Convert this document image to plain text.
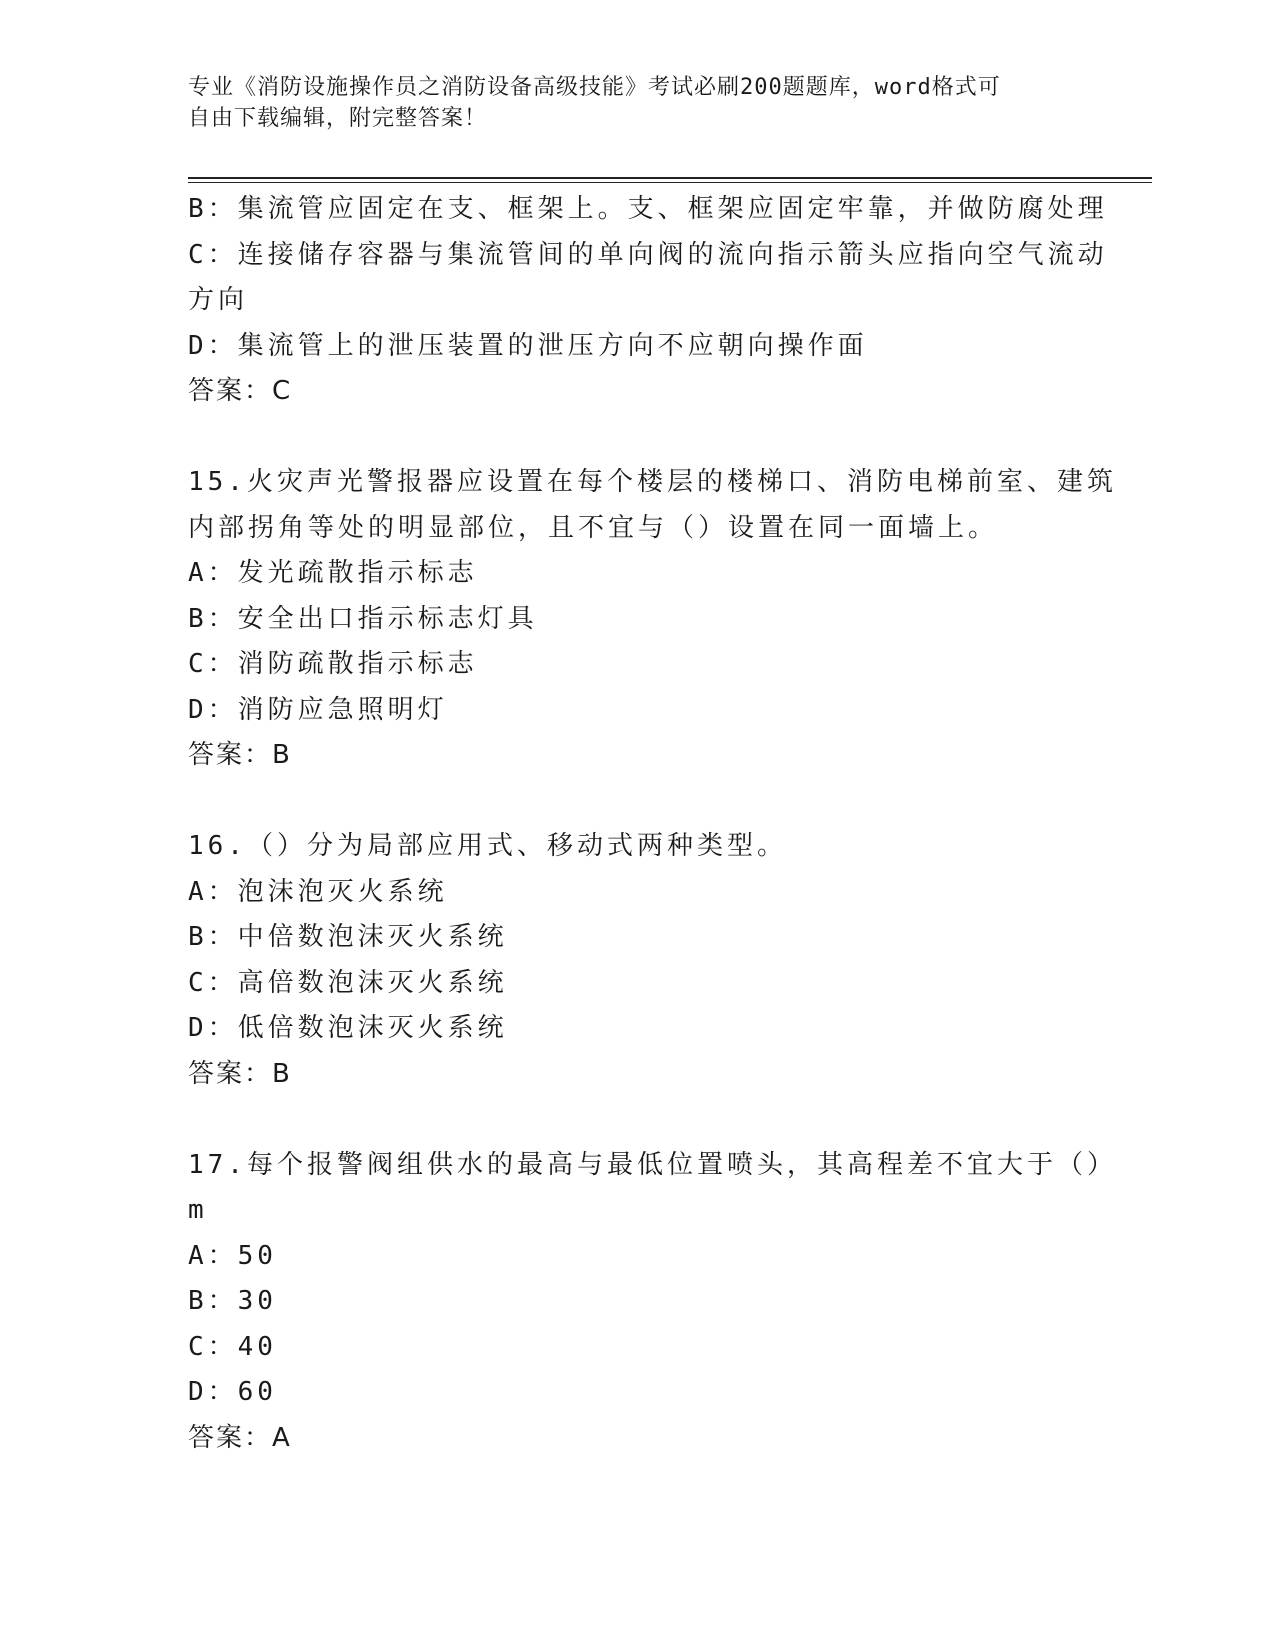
专业《消防设施操作员之消防设备高级技能》考试必刷200题题库，word格式可
自由下载编辑，附完整答案！
B：集流管应固定在支、框架上。支、框架应固定牢靠，并做防腐处理
C：连接储存容器与集流管间的单向阀的流向指示箭头应指向空气流动
方向
D：集流管上的泄压装置的泄压方向不应朝向操作面
答案：C
15.火灾声光警报器应设置在每个楼层的楼梯口、消防电梯前室、建筑
内部拐角等处的明显部位，且不宜与（）设置在同一面墙上。
A：发光疏散指示标志
B：安全出口指示标志灯具
C：消防疏散指示标志
D：消防应急照明灯
答案：B
16.（）分为局部应用式、移动式两种类型。
A：泡沫泡灭火系统
B：中倍数泡沫灭火系统
C：高倍数泡沫灭火系统
D：低倍数泡沫灭火系统
答案：B
17.每个报警阀组供水的最高与最低位置喷头，其高程差不宜大于（）
m
A：50
B：30
C：40
D：60
答案：A
